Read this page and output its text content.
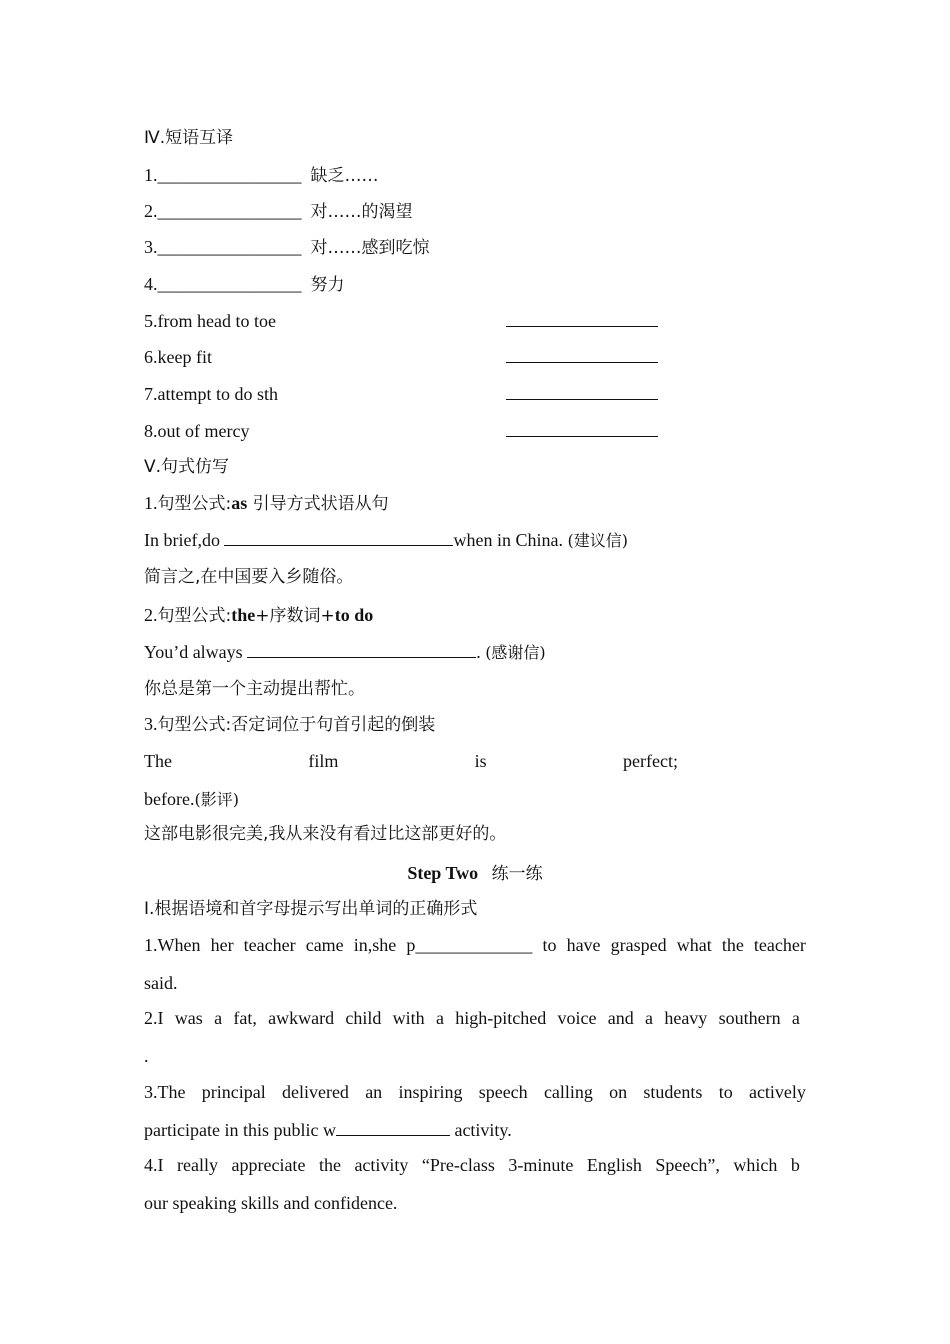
Ⅳ.短语互译
1.________________ 缺乏……
2.________________ 对……的渴望
3.________________ 对……感到吃惊
4.________________ 努力
5.from head to toe
6.keep fit
7.attempt to do sth
8.out of mercy
Ⅴ.句式仿写
1.句型公式:as 引导方式状语从句
In brief,do	when in China. (建议信)
简言之,在中国要入乡随俗。
2.句型公式:the+序数词+to do
You’d always	. (感谢信)
你总是第一个主动提出帮忙。
3.句型公式:否定词位于句首引起的倒装
The	film	is	perfect;
before.(影评)
这部电影很完美,我从来没有看过比这部更好的。
Step Two 练一练
Ⅰ.根据语境和首字母提示写出单词的正确形式
1.When her teacher came in,she p_____________ to have grasped what the teacher
said.
2.I was a fat, awkward child with a high-pitched voice and a heavy southern a
.
3.The principal delivered an inspiring speech calling on students to actively
participate in this public w	activity.
4.I really appreciate the activity “Pre-class 3-minute English Speech”, which b
our speaking skills and confidence.
